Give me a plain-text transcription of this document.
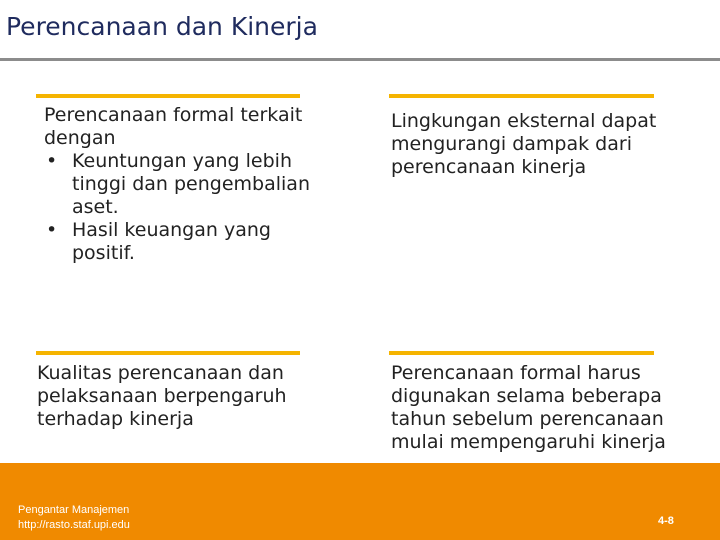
Perencanaan dan Kinerja

Perencanaan formal terkait dengan

• Keuntungan yang lebih tinggi dan pengembalian aset.
• Hasil keuangan yang positif.

Lingkungan eksternal dapat mengurangi dampak dari perencanaan kinerja

Kualitas perencanaan dan pelaksanaan berpengaruh terhadap kinerja

Perencanaan formal harus digunakan selama beberapa tahun sebelum perencanaan mulai mempengaruhi kinerja

Pengantar Manajemen
http://rasto.staf.upi.edu	4-8
